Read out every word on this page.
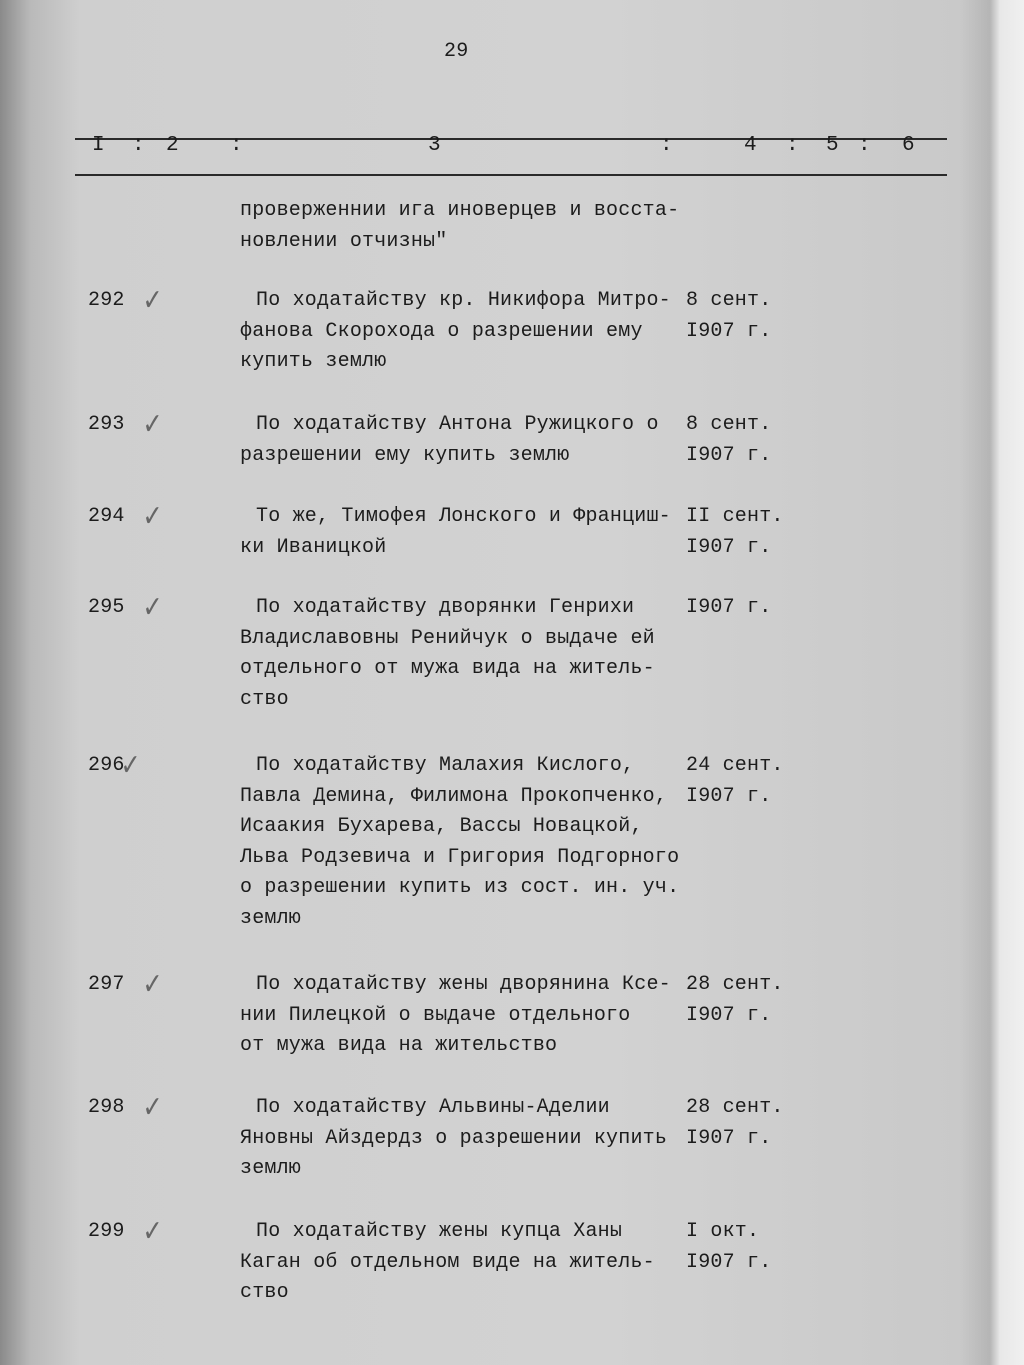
29
I : 2 :	3	:	4 : 5 : 6
проверженнии ига иноверцев и восста-
новлении отчизны"
292 ✓	По ходатайству кр. Никифора Митро-
фанова Скорохода о разрешении ему
купить землю
8 сент.
I907 г.
293 ✓	По ходатайству Антона Ружицкого о
разрешении ему купить землю
8 сент.
I907 г.
294 ✓	То же, Тимофея Лонского и Франциш-
ки Иваницкой
II сент.
I907 г.
295 ✓	По ходатайству дворянки Генрихи
Владиславовны Ренийчук о выдаче ей
отдельного от мужа вида на житель-
ство
I907 г.
296
✓	По ходатайству Малахия Кислого,
Павла Демина, Филимона Прокопченко,
Исаакия Бухарева, Вассы Новацкой,
Льва Родзевича и Григория Подгорного
о разрешении купить из сост. ин. уч.
землю
24 сент.
I907 г.
297 ✓	По ходатайству жены дворянина Ксе-
нии Пилецкой о выдаче отдельного
от мужа вида на жительство
28 сент.
I907 г.
298 ✓	По ходатайству Альвины-Аделии
Яновны Айздердз о разрешении купить
землю
28 сент.
I907 г.
299 ✓	По ходатайству жены купца Ханы
Каган об отдельном виде на житель-
ство
I окт.
I907 г.
